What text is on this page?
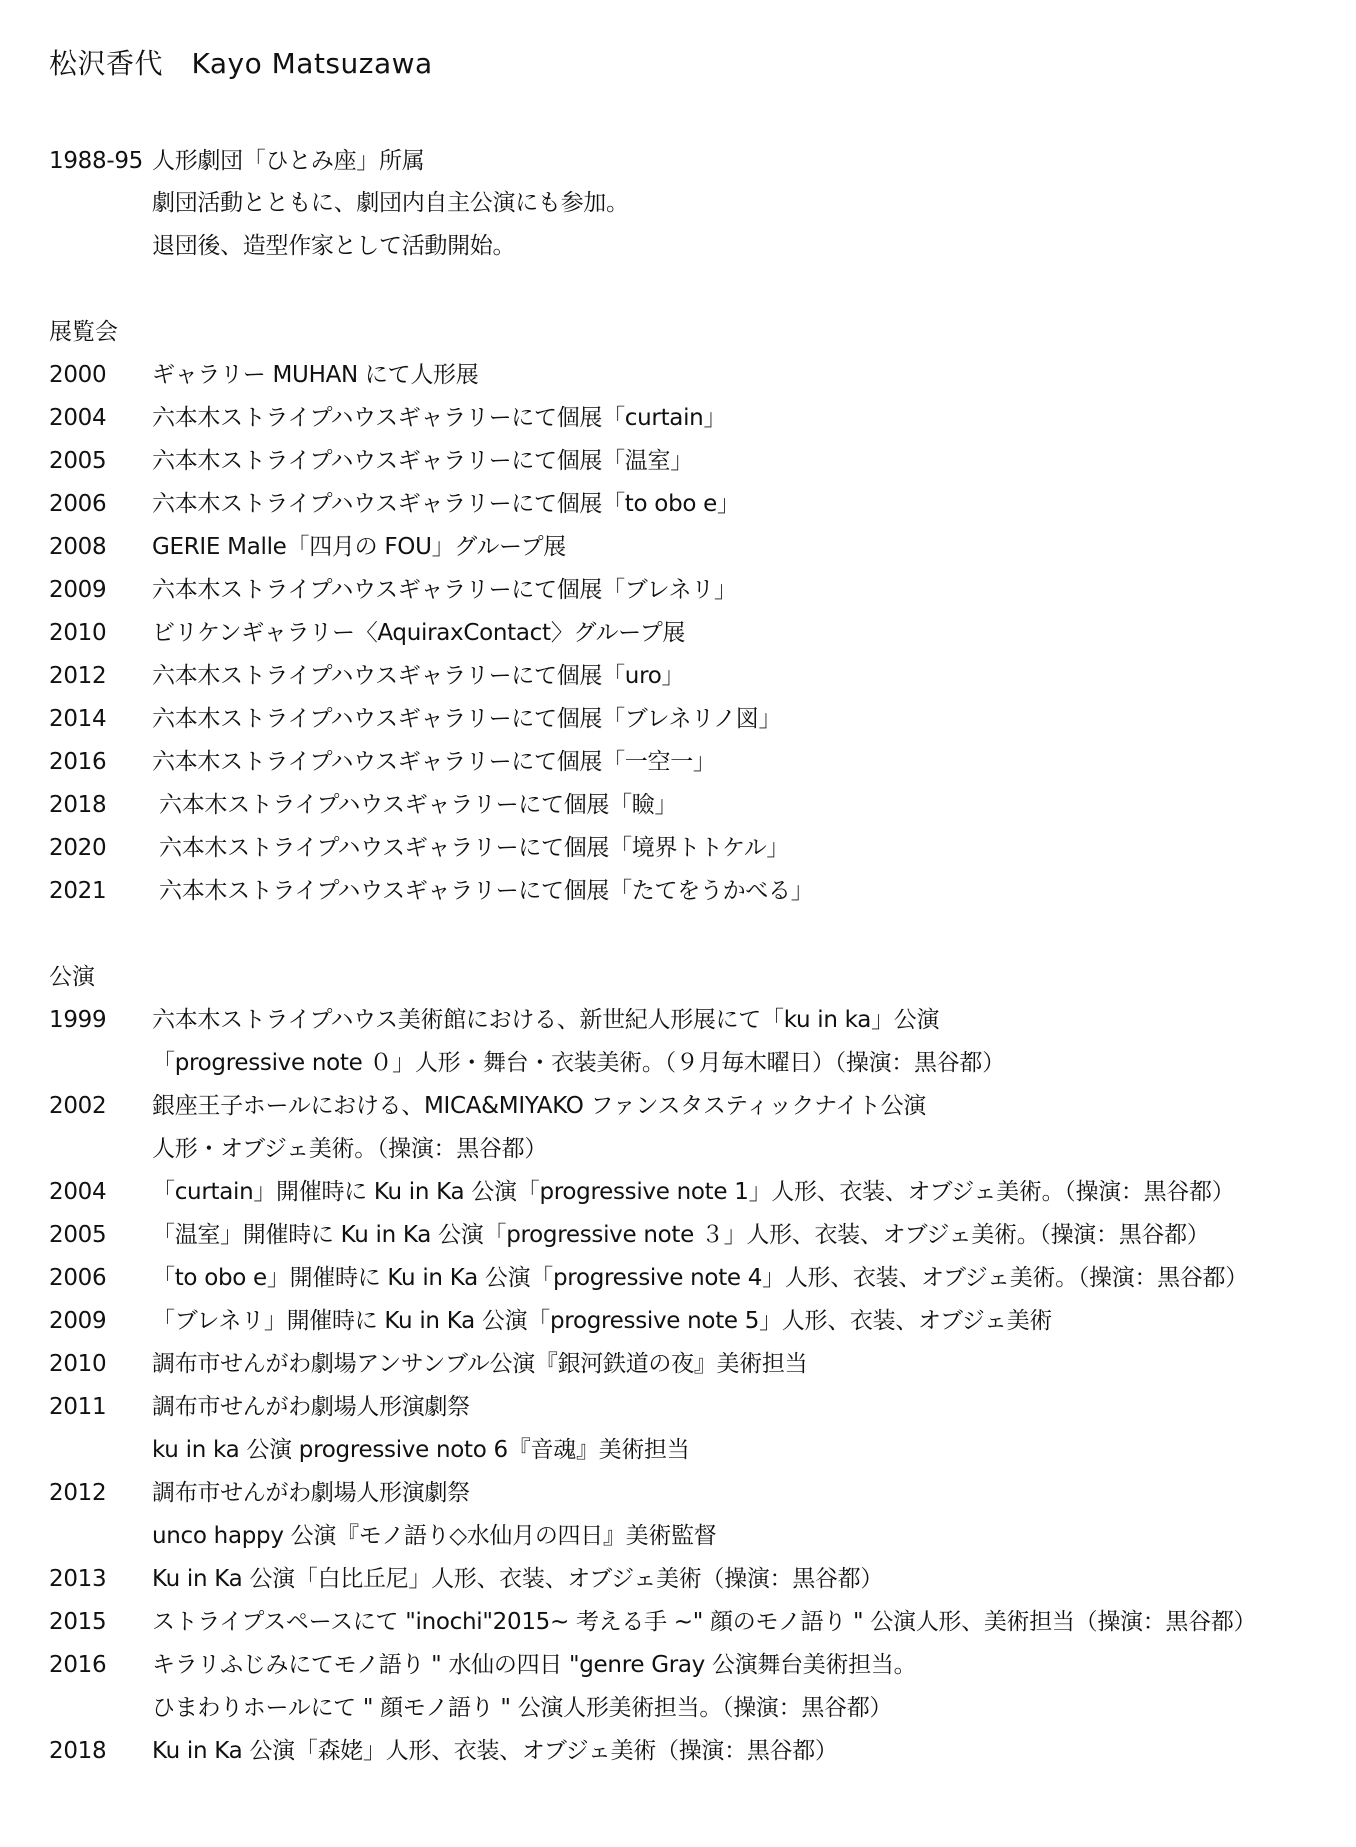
松沢香代　Kayo Matsuzawa
1988-95 人形劇団「ひとみ座」所属
劇団活動とともに、劇団内自主公演にも参加。
退団後、造型作家として活動開始。
展覧会
2000	ギャラリー MUHAN にて人形展
2004	六本木ストライプハウスギャラリーにて個展「curtain」
2005	六本木ストライプハウスギャラリーにて個展「温室」
2006	六本木ストライプハウスギャラリーにて個展「to obo e」
2008	GERIE Malle「四月の FOU」グループ展
2009	六本木ストライプハウスギャラリーにて個展「ブレネリ」
2010	ビリケンギャラリー〈AquiraxContact〉グループ展
2012	六本木ストライプハウスギャラリーにて個展「uro」
2014	六本木ストライプハウスギャラリーにて個展「ブレネリノ図」
2016	六本木ストライプハウスギャラリーにて個展「一空一」
2018	六本木ストライプハウスギャラリーにて個展「瞼」
2020	六本木ストライプハウスギャラリーにて個展「境界トトケル」
2021	六本木ストライプハウスギャラリーにて個展「たてをうかべる」
公演
1999	六本木ストライプハウス美術館における、新世紀人形展にて「ku in ka」公演
「progressive note ０」人形・舞台・衣装美術。（９月毎木曜日）（操演：黒谷都）
2002	銀座王子ホールにおける、MICA&MIYAKO ファンスタスティックナイト公演
人形・オブジェ美術。（操演：黒谷都）
2004	「curtain」開催時に Ku in Ka 公演「progressive note 1」人形、衣装、オブジェ美術。（操演：黒谷都）
2005	「温室」開催時に Ku in Ka 公演「progressive note ３」人形、衣装、オブジェ美術。（操演：黒谷都）
2006	「to obo e」開催時に Ku in Ka 公演「progressive note 4」人形、衣装、オブジェ美術。（操演：黒谷都）
2009	「ブレネリ」開催時に Ku in Ka 公演「progressive note 5」人形、衣装、オブジェ美術
2010	調布市せんがわ劇場アンサンブル公演『銀河鉄道の夜』美術担当
2011	調布市せんがわ劇場人形演劇祭
ku in ka 公演 progressive noto 6『音魂』美術担当
2012	調布市せんがわ劇場人形演劇祭
unco happy 公演『モノ語り◇水仙月の四日』美術監督
2013	Ku in Ka 公演「白比丘尼」人形、衣装、オブジェ美術（操演：黒谷都）
2015	ストライプスペースにて "inochi"2015~ 考える手 ~" 顔のモノ語り " 公演人形、美術担当（操演：黒谷都）
2016	キラリふじみにてモノ語り " 水仙の四日 "genre Gray 公演舞台美術担当。
ひまわりホールにて " 顔モノ語り " 公演人形美術担当。（操演：黒谷都）
2018	Ku in Ka 公演「森姥」人形、衣装、オブジェ美術（操演：黒谷都）
